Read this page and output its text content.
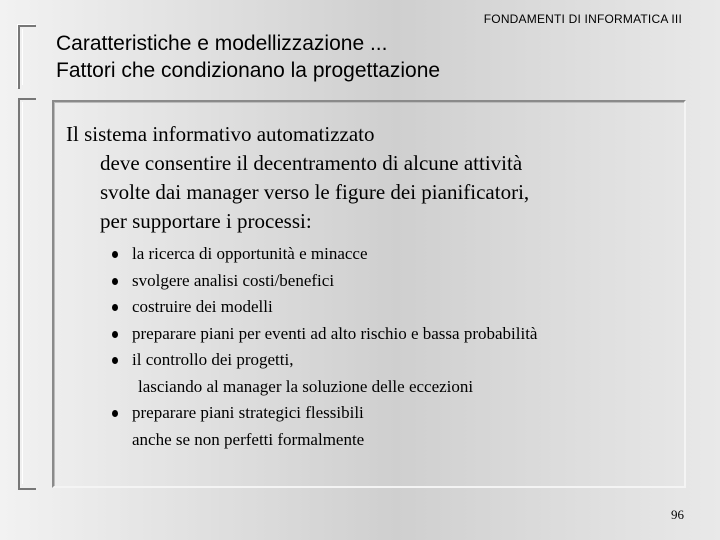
FONDAMENTI DI INFORMATICA III
Caratteristiche e modellizzazione ...
Fattori che condizionano la progettazione
Il sistema informativo automatizzato
deve consentire il decentramento di alcune attività
svolte dai manager verso le figure dei pianificatori,
per supportare i processi:
la ricerca di opportunità e minacce
svolgere analisi costi/benefici
costruire dei modelli
preparare piani per eventi ad alto rischio e bassa probabilità
il controllo dei progetti,
lasciando al manager la soluzione delle eccezioni
preparare piani strategici flessibili
anche se non perfetti formalmente
96
